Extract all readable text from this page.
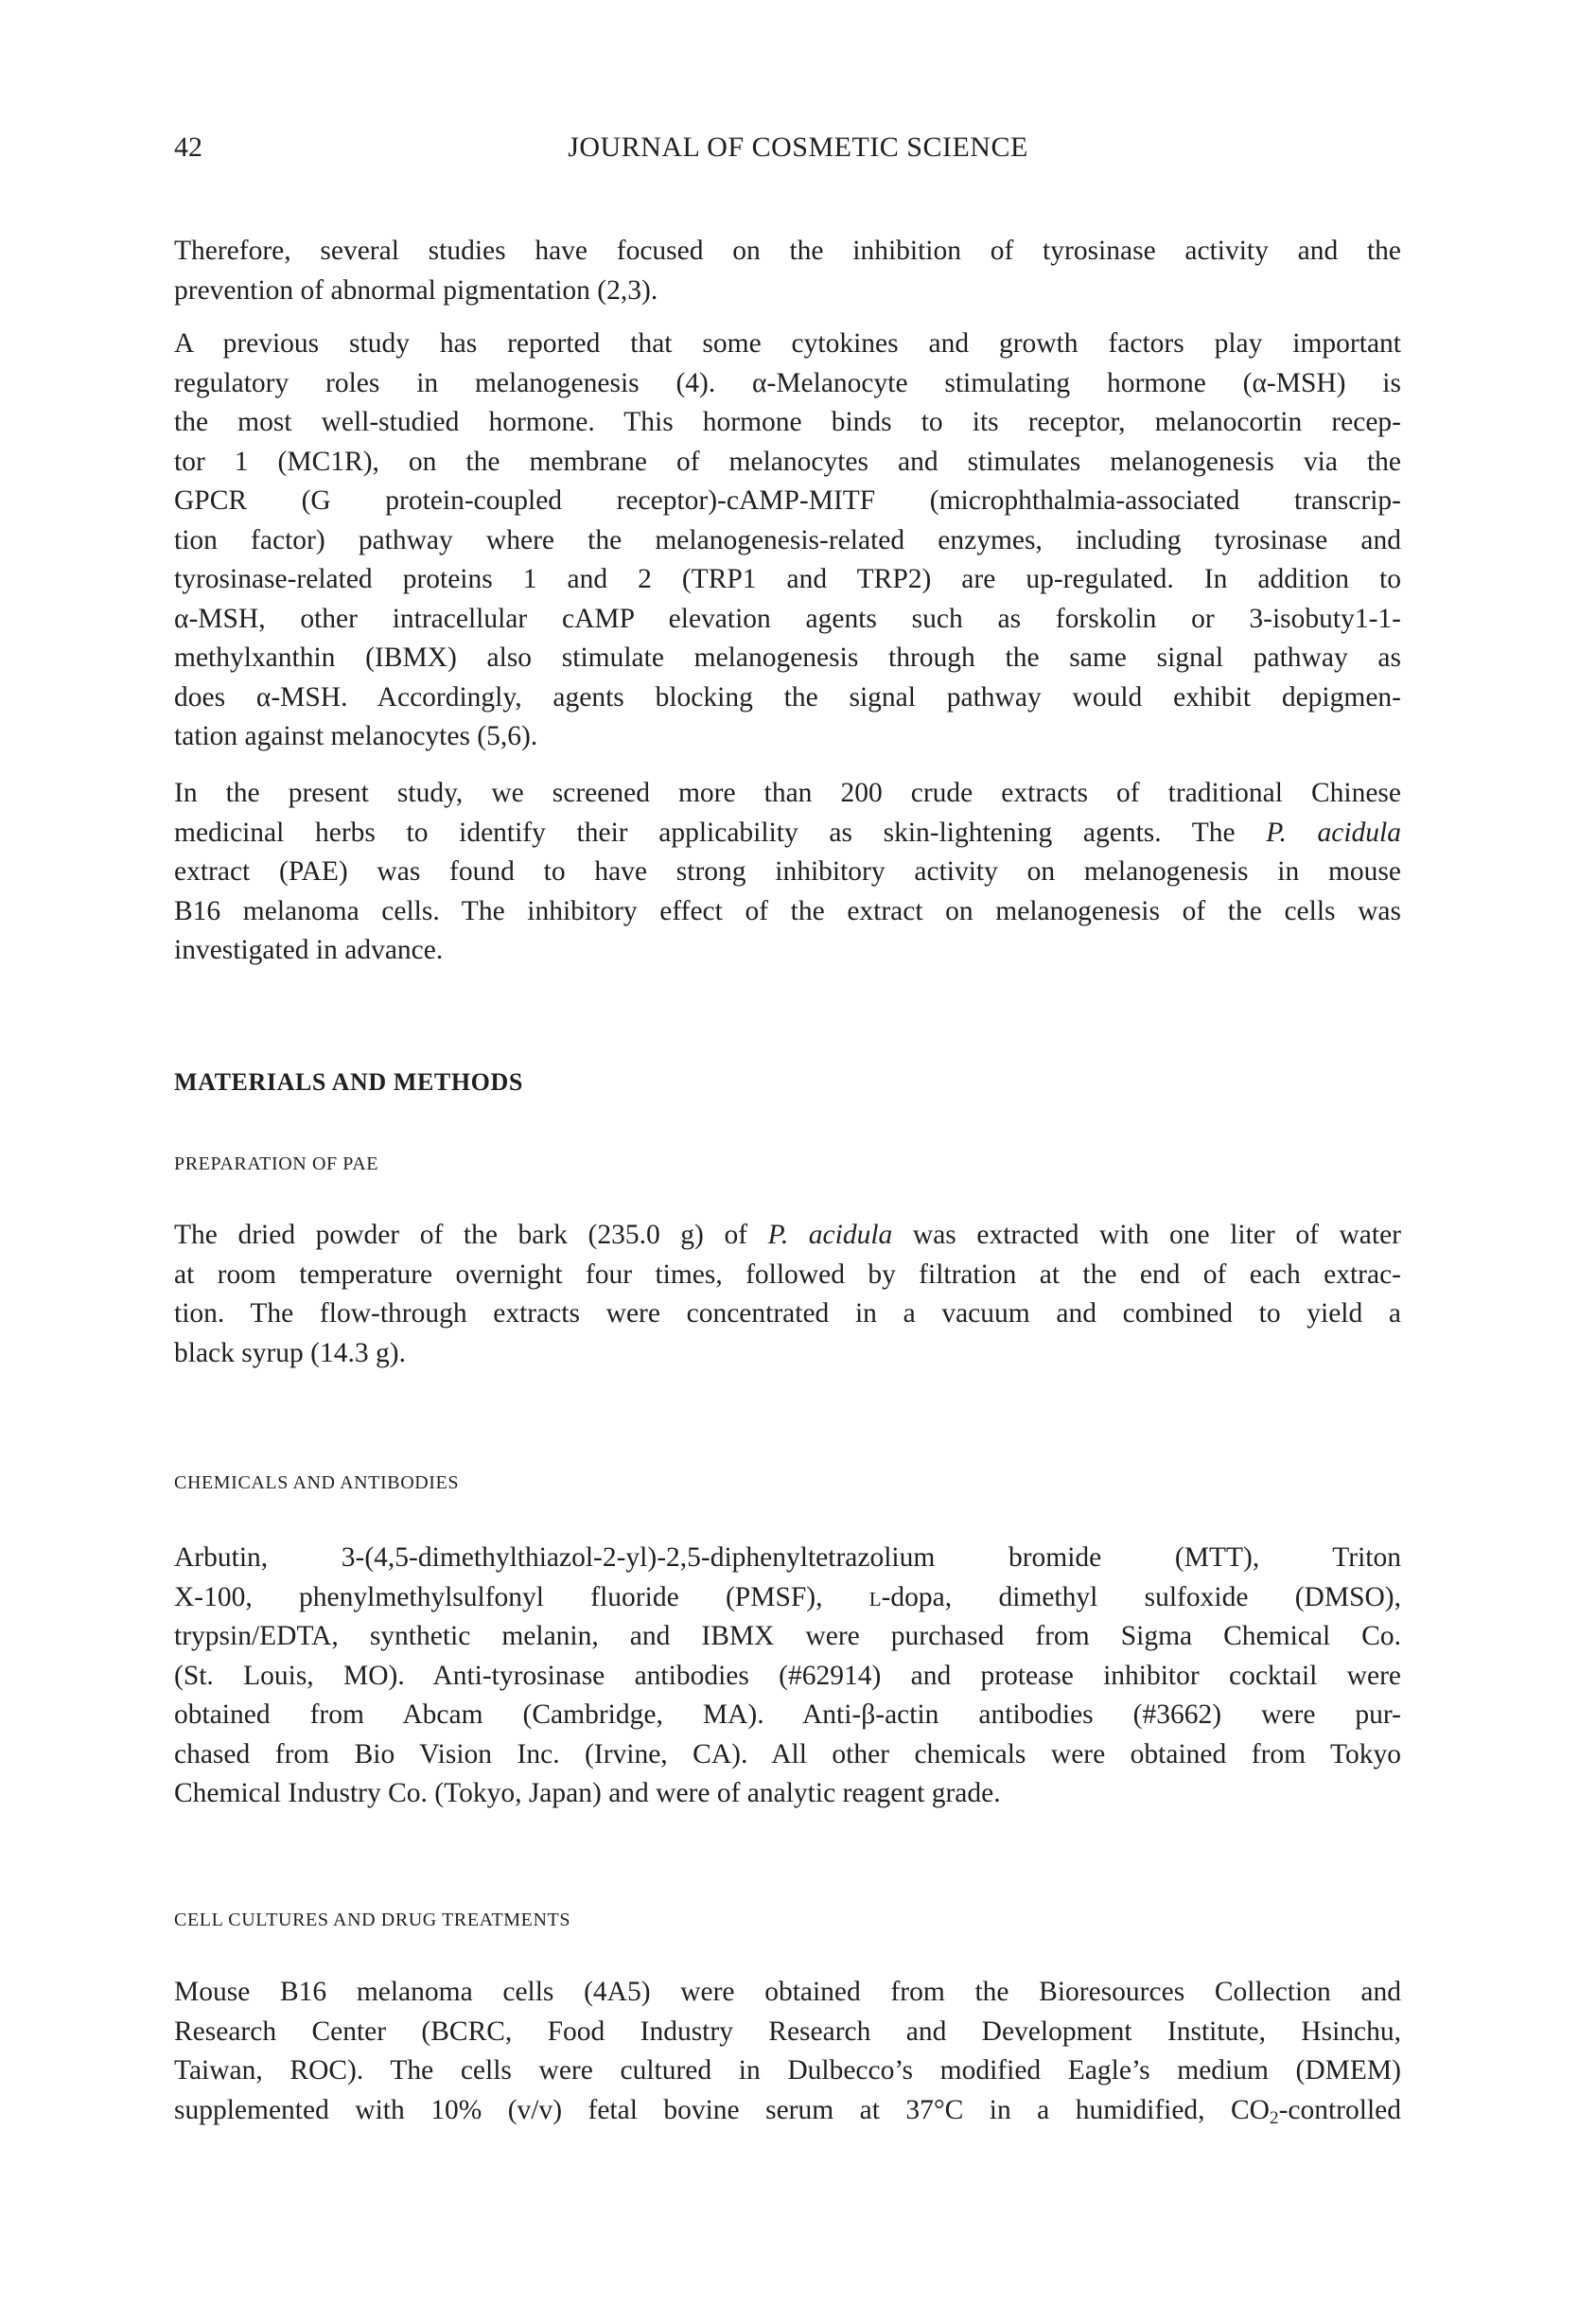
42	JOURNAL OF COSMETIC SCIENCE
Therefore, several studies have focused on the inhibition of tyrosinase activity and the
prevention of abnormal pigmentation (2,3).
A previous study has reported that some cytokines and growth factors play important
regulatory roles in melanogenesis (4). α-Melanocyte stimulating hormone (α-MSH) is
the most well-studied hormone. This hormone binds to its receptor, melanocortin recep-
tor 1 (MC1R), on the membrane of melanocytes and stimulates melanogenesis via the
GPCR (G protein-coupled receptor)-cAMP-MITF (microphthalmia-associated transcrip-
tion factor) pathway where the melanogenesis-related enzymes, including tyrosinase and
tyrosinase-related proteins 1 and 2 (TRP1 and TRP2) are up-regulated. In addition to
α-MSH, other intracellular cAMP elevation agents such as forskolin or 3-isobuty1-1-
methylxanthin (IBMX) also stimulate melanogenesis through the same signal pathway as
does α-MSH. Accordingly, agents blocking the signal pathway would exhibit depigmen-
tation against melanocytes (5,6).
In the present study, we screened more than 200 crude extracts of traditional Chinese
medicinal herbs to identify their applicability as skin-lightening agents. The P. acidula
extract (PAE) was found to have strong inhibitory activity on melanogenesis in mouse
B16 melanoma cells. The inhibitory effect of the extract on melanogenesis of the cells was
investigated in advance.
MATERIALS AND METHODS
PREPARATION OF PAE
The dried powder of the bark (235.0 g) of P. acidula was extracted with one liter of water
at room temperature overnight four times, followed by filtration at the end of each extrac-
tion. The flow-through extracts were concentrated in a vacuum and combined to yield a
black syrup (14.3 g).
CHEMICALS AND ANTIBODIES
Arbutin, 3-(4,5-dimethylthiazol-2-yl)-2,5-diphenyltetrazolium bromide (MTT), Triton
X-100, phenylmethylsulfonyl fluoride (PMSF), l-dopa, dimethyl sulfoxide (DMSO),
trypsin/EDTA, synthetic melanin, and IBMX were purchased from Sigma Chemical Co.
(St. Louis, MO). Anti-tyrosinase antibodies (#62914) and protease inhibitor cocktail were
obtained from Abcam (Cambridge, MA). Anti-β-actin antibodies (#3662) were pur-
chased from Bio Vision Inc. (Irvine, CA). All other chemicals were obtained from Tokyo
Chemical Industry Co. (Tokyo, Japan) and were of analytic reagent grade.
CELL CULTURES AND DRUG TREATMENTS
Mouse B16 melanoma cells (4A5) were obtained from the Bioresources Collection and
Research Center (BCRC, Food Industry Research and Development Institute, Hsinchu,
Taiwan, ROC). The cells were cultured in Dulbecco’s modified Eagle’s medium (DMEM)
supplemented with 10% (v/v) fetal bovine serum at 37°C in a humidified, $CO_2$-controlled
